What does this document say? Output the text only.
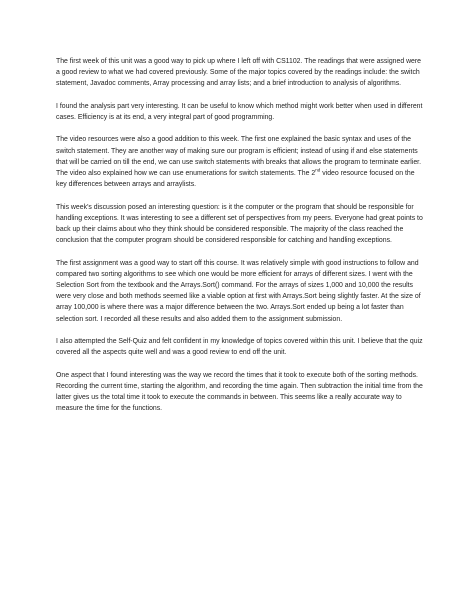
The first week of this unit was a good way to pick up where I left off with CS1102. The readings that were assigned were a good review to what we had covered previously. Some of the major topics covered by the readings include: the switch statement, Javadoc comments, Array processing and array lists; and a brief introduction to analysis of algorithms.

I found the analysis part very interesting. It can be useful to know which method might work better when used in different cases. Efficiency is at its end, a very integral part of good programming.

The video resources were also a good addition to this week. The first one explained the basic syntax and uses of the switch statement. They are another way of making sure our program is efficient; instead of using if and else statements that will be carried on till the end, we can use switch statements with breaks that allows the program to terminate earlier. The video also explained how we can use enumerations for switch statements. The 2nd video resource focused on the key differences between arrays and arraylists.

This week’s discussion posed an interesting question: is it the computer or the program that should be responsible for handling exceptions. It was interesting to see a different set of perspectives from my peers. Everyone had great points to back up their claims about who they think should be considered responsible. The majority of the class reached the conclusion that the computer program should be considered responsible for catching and handling exceptions.

The first assignment was a good way to start off this course. It was relatively simple with good instructions to follow and compared two sorting algorithms to see which one would be more efficient for arrays of different sizes. I went with the Selection Sort from the textbook and the Arrays.Sort() command. For the arrays of sizes 1,000 and 10,000 the results were very close and both methods seemed like a viable option at first with Arrays.Sort being slightly faster. At the size of array 100,000 is where there was a major difference between the two. Arrays.Sort ended up being a lot faster than selection sort. I recorded all these results and also added them to the assignment submission.

I also attempted the Self-Quiz and felt confident in my knowledge of topics covered within this unit. I believe that the quiz covered all the aspects quite well and was a good review to end off the unit.

One aspect that I found interesting was the way we record the times that it took to execute both of the sorting methods. Recording the current time, starting the algorithm, and recording the time again. Then subtraction the initial time from the latter gives us the total time it took to execute the commands in between. This seems like a really accurate way to measure the time for the functions.
